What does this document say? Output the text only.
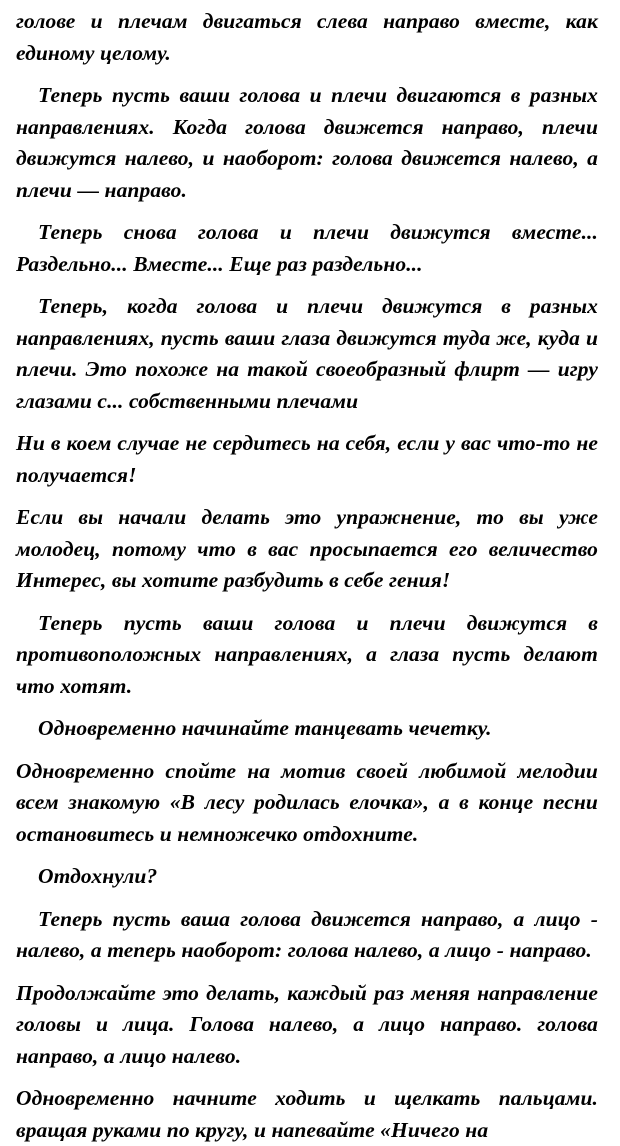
голове и плечам двигаться слева направо вместе, как единому целому.

Теперь пусть ваши голова и плечи двигаются в разных направлениях. Когда голова движется направо, плечи движутся налево, и наоборот: голова движется налево, а плечи — направо.

Теперь снова голова и плечи движутся вместе... Раздельно... Вместе... Еще раз раздельно...

Теперь, когда голова и плечи движутся в разных направлениях, пусть ваши глаза движутся туда же, куда и плечи. Это похоже на такой своеобразный флирт — игру глазами с... собственными плечами

Ни в коем случае не сердитесь на себя, если у вас что-то не получается!

Если вы начали делать это упражнение, то вы уже молодец, потому что в вас просыпается его величество Интерес, вы хотите разбудить в себе гения!

Теперь пусть ваши голова и плечи движутся в противоположных направлениях, а глаза пусть делают что хотят.

Одновременно начинайте танцевать чечетку.

Одновременно спойте на мотив своей любимой мелодии всем знакомую «В лесу родилась елочка», а в конце песни остановитесь и немножечко отдохните.

Отдохнули?

Теперь пусть ваша голова движется направо, а лицо - налево, а теперь наоборот: голова налево, а лицо - направо.

Продолжайте это делать, каждый раз меняя направление головы и лица. Голова налево, а лицо направо. голова направо, а лицо налево.

Одновременно начните ходить и щелкать пальцами. вращая руками по кругу, и напевайте «Ничего на
